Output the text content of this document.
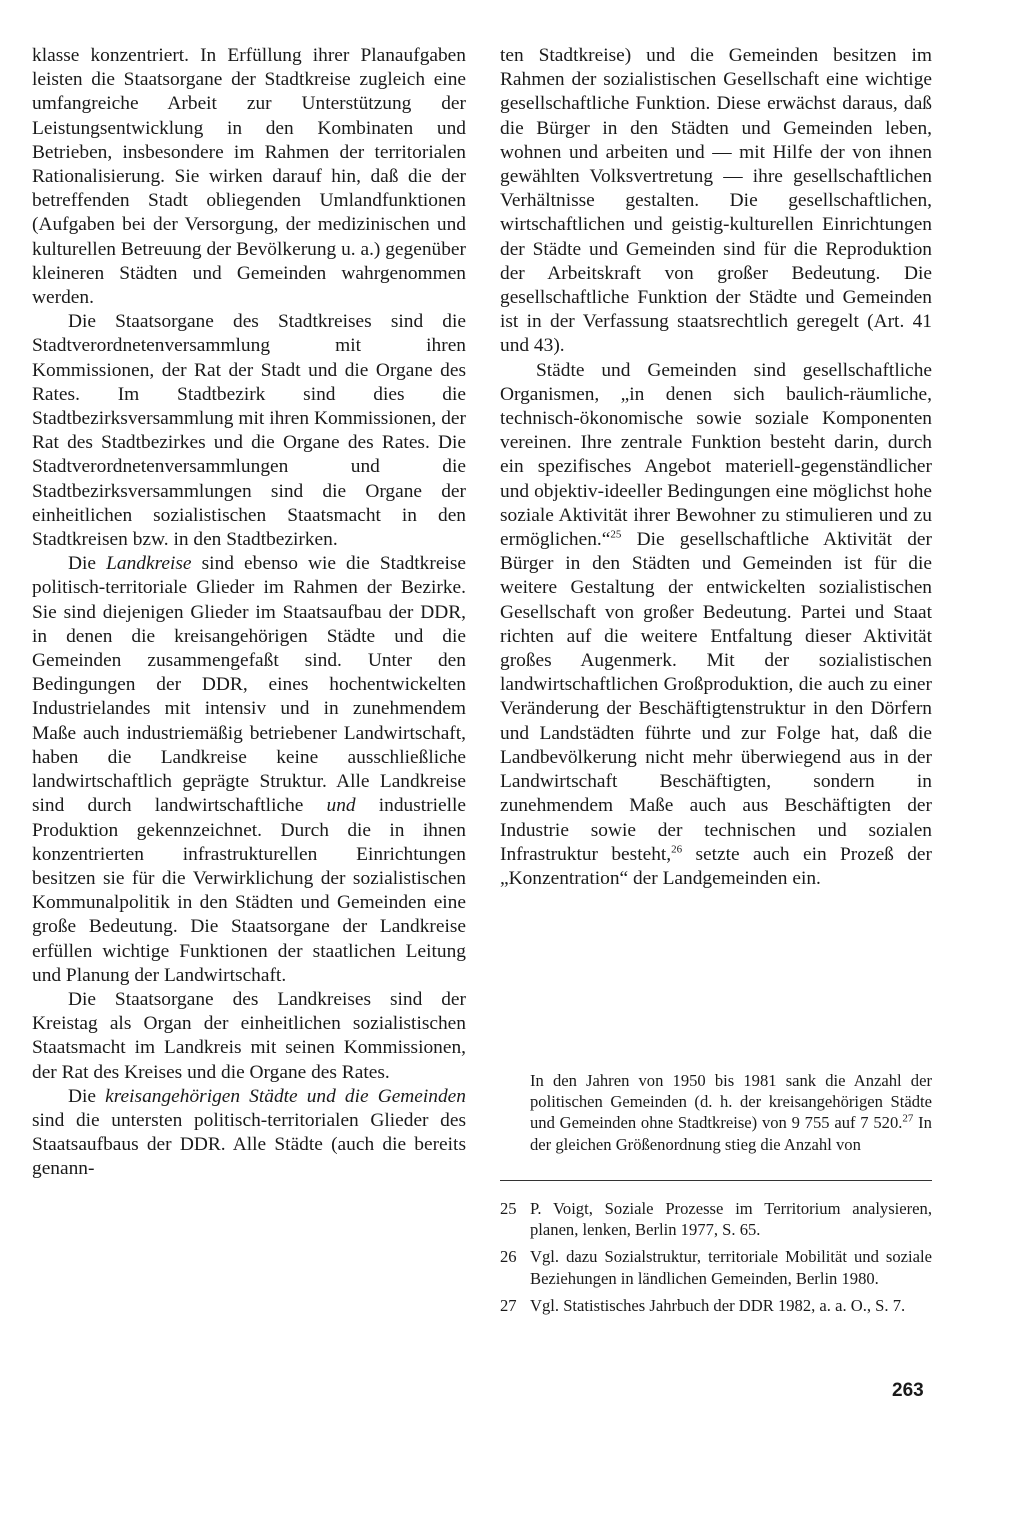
klasse konzentriert. In Erfüllung ihrer Planaufgaben leisten die Staatsorgane der Stadtkreise zugleich eine umfangreiche Arbeit zur Unterstützung der Leistungsentwicklung in den Kombinaten und Betrieben, insbesondere im Rahmen der territorialen Rationalisierung. Sie wirken darauf hin, daß die der betreffenden Stadt obliegenden Umlandfunktionen (Aufgaben bei der Versorgung, der medizinischen und kulturellen Betreuung der Bevölkerung u. a.) gegenüber kleineren Städten und Gemeinden wahrgenommen werden.

Die Staatsorgane des Stadtkreises sind die Stadtverordnetenversammlung mit ihren Kommissionen, der Rat der Stadt und die Organe des Rates. Im Stadtbezirk sind dies die Stadtbezirksversammlung mit ihren Kommissionen, der Rat des Stadtbezirkes und die Organe des Rates. Die Stadtverordnetenversammlungen und die Stadtbezirksversammlungen sind die Organe der einheitlichen sozialistischen Staatsmacht in den Stadtkreisen bzw. in den Stadtbezirken.

Die Landkreise sind ebenso wie die Stadtkreise politisch-territoriale Glieder im Rahmen der Bezirke. Sie sind diejenigen Glieder im Staatsaufbau der DDR, in denen die kreisangehörigen Städte und die Gemeinden zusammengefaßt sind. Unter den Bedingungen der DDR, eines hochentwickelten Industrielandes mit intensiv und in zunehmendem Maße auch industriemäßig betriebener Landwirtschaft, haben die Landkreise keine ausschließliche landwirtschaftlich geprägte Struktur. Alle Landkreise sind durch landwirtschaftliche und industrielle Produktion gekennzeichnet. Durch die in ihnen konzentrierten infrastrukturellen Einrichtungen besitzen sie für die Verwirklichung der sozialistischen Kommunalpolitik in den Städten und Gemeinden eine große Bedeutung. Die Staatsorgane der Landkreise erfüllen wichtige Funktionen der staatlichen Leitung und Planung der Landwirtschaft.

Die Staatsorgane des Landkreises sind der Kreistag als Organ der einheitlichen sozialistischen Staatsmacht im Landkreis mit seinen Kommissionen, der Rat des Kreises und die Organe des Rates.

Die kreisangehörigen Städte und die Gemeinden sind die untersten politisch-territorialen Glieder des Staatsaufbaus der DDR. Alle Städte (auch die bereits genann-

ten Stadtkreise) und die Gemeinden besitzen im Rahmen der sozialistischen Gesellschaft eine wichtige gesellschaftliche Funktion. Diese erwächst daraus, daß die Bürger in den Städten und Gemeinden leben, wohnen und arbeiten und — mit Hilfe der von ihnen gewählten Volksvertretung — ihre gesellschaftlichen Verhältnisse gestalten. Die gesellschaftlichen, wirtschaftlichen und geistig-kulturellen Einrichtungen der Städte und Gemeinden sind für die Reproduktion der Arbeitskraft von großer Bedeutung. Die gesellschaftliche Funktion der Städte und Gemeinden ist in der Verfassung staatsrechtlich geregelt (Art. 41 und 43).

Städte und Gemeinden sind gesellschaftliche Organismen, „in denen sich baulich-räumliche, technisch-ökonomische sowie soziale Komponenten vereinen. Ihre zentrale Funktion besteht darin, durch ein spezifisches Angebot materiell-gegenständlicher und objektiv-ideeller Bedingungen eine möglichst hohe soziale Aktivität ihrer Bewohner zu stimulieren und zu ermöglichen.“$^{25}$ Die gesellschaftliche Aktivität der Bürger in den Städten und Gemeinden ist für die weitere Gestaltung der entwickelten sozialistischen Gesellschaft von großer Bedeutung. Partei und Staat richten auf die weitere Entfaltung dieser Aktivität großes Augenmerk. Mit der sozialistischen landwirtschaftlichen Großproduktion, die auch zu einer Veränderung der Beschäftigtenstruktur in den Dörfern und Landstädten führte und zur Folge hat, daß die Landbevölkerung nicht mehr überwiegend aus in der Landwirtschaft Beschäftigten, sondern in zunehmendem Maße auch aus Beschäftigten der Industrie sowie der technischen und sozialen Infrastruktur besteht,$^{26}$ setzte auch ein Prozeß der „Konzentration“ der Landgemeinden ein.

In den Jahren von 1950 bis 1981 sank die Anzahl der politischen Gemeinden (d. h. der kreisangehörigen Städte und Gemeinden ohne Stadtkreise) von 9 755 auf 7 520.27 In der gleichen Größenordnung stieg die Anzahl von

25 P. Voigt, Soziale Prozesse im Territorium analysieren, planen, lenken, Berlin 1977, S. 65.
26 Vgl. dazu Sozialstruktur, territoriale Mobilität und soziale Beziehungen in ländlichen Gemeinden, Berlin 1980.
27 Vgl. Statistisches Jahrbuch der DDR 1982, a. a. O., S. 7.
263
